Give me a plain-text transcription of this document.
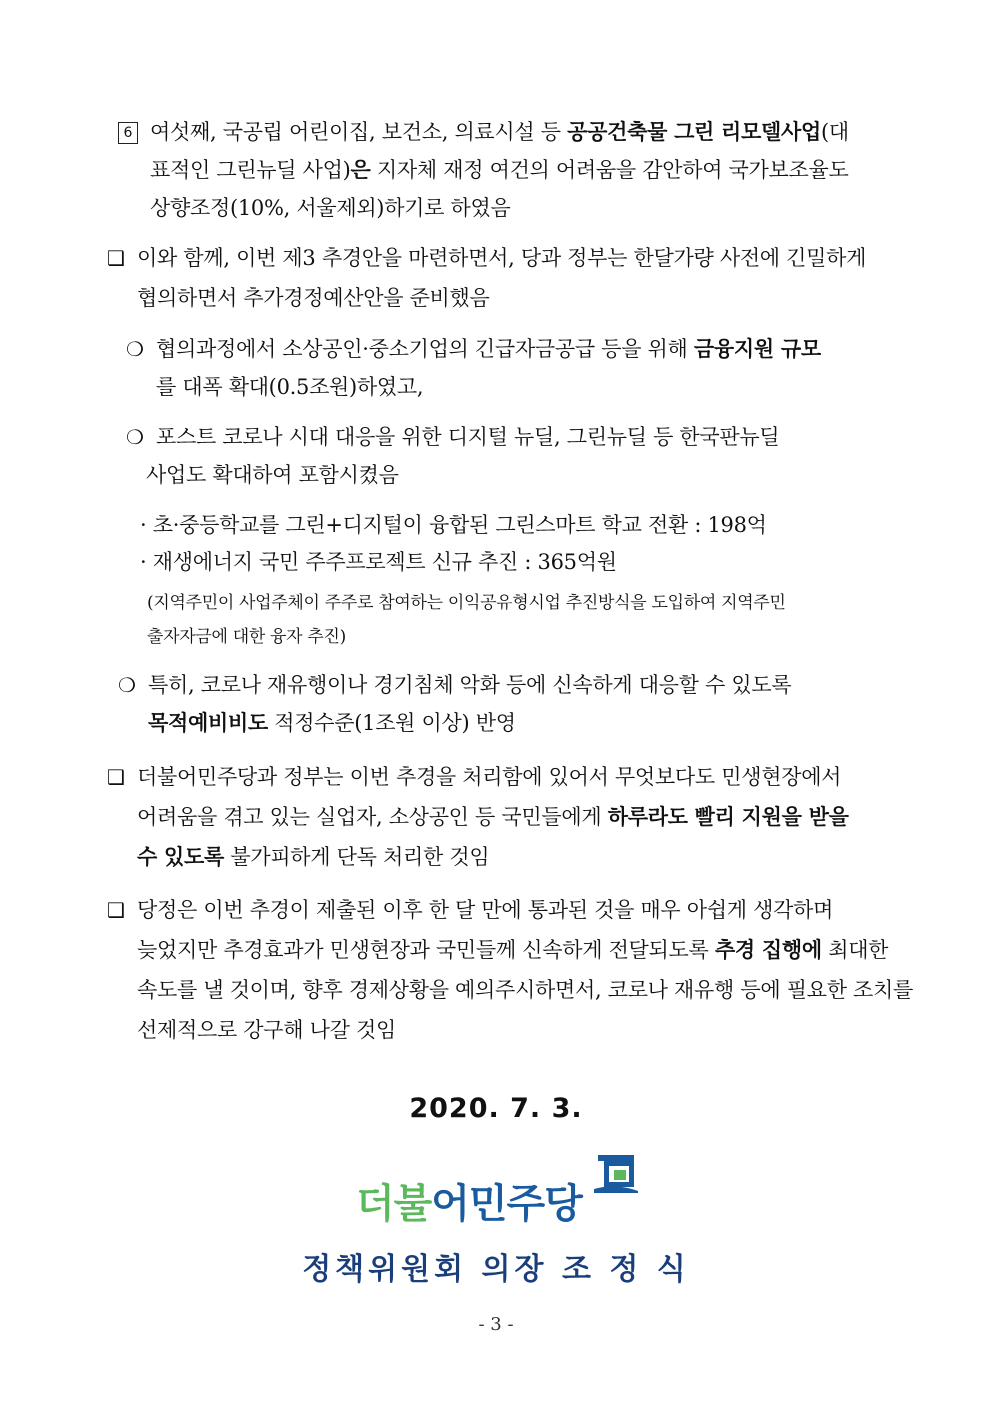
6 여섯째, 국공립 어린이집, 보건소, 의료시설 등 공공건축물 그린 리모델사업(대
표적인 그린뉴딜 사업)은 지자체 재정 여건의 어려움을 감안하여 국가보조율도
상향조정(10%, 서울제외)하기로 하였음
❑ 이와 함께, 이번 제3 추경안을 마련하면서, 당과 정부는 한달가량 사전에 긴밀하게
협의하면서 추가경정예산안을 준비했음
❍ 협의과정에서 소상공인·중소기업의 긴급자금공급 등을 위해 금융지원 규모
를 대폭 확대(0.5조원)하였고,
❍ 포스트 코로나 시대 대응을 위한 디지털 뉴딜, 그린뉴딜 등 한국판뉴딜
사업도 확대하여 포함시켰음
· 초·중등학교를 그린+디지털이 융합된 그린스마트 학교 전환 : 198억
· 재생에너지 국민 주주프로젝트 신규 추진 : 365억원
(지역주민이 사업주체이 주주로 참여하는 이익공유형시업 추진방식을 도입하여 지역주민
출자자금에 대한 융자 추진)
❍ 특히, 코로나 재유행이나 경기침체 악화 등에 신속하게 대응할 수 있도록
목적예비비도 적정수준(1조원 이상) 반영
❑ 더불어민주당과 정부는 이번 추경을 처리함에 있어서 무엇보다도 민생현장에서
어려움을 겪고 있는 실업자, 소상공인 등 국민들에게 하루라도 빨리 지원을 받을
수 있도록 불가피하게 단독 처리한 것임
❑ 당정은 이번 추경이 제출된 이후 한 달 만에 통과된 것을 매우 아쉽게 생각하며
늦었지만 추경효과가 민생현장과 국민들께 신속하게 전달되도록 추경 집행에 최대한
속도를 낼 것이며, 향후 경제상황을 예의주시하면서, 코로나 재유행 등에 필요한 조치를
선제적으로 강구해 나갈 것임
2020. 7. 3.
더불어민주당
정책위원회 의장 조 정 식
- 3 -
